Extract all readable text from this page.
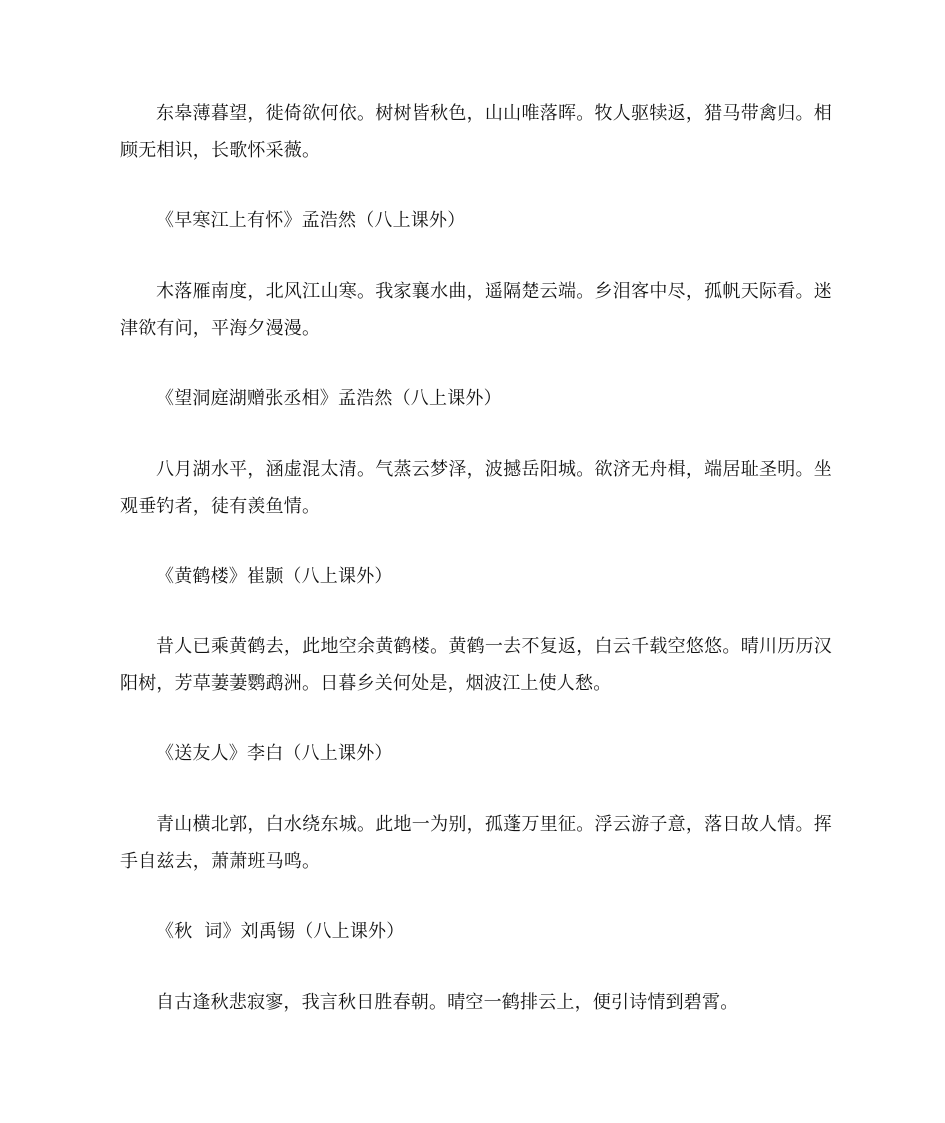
东皋薄暮望，徙倚欲何依。树树皆秋色，山山唯落晖。牧人驱犊返，猎马带禽归。相顾无相识，长歌怀采薇。

《早寒江上有怀》孟浩然（八上课外）

木落雁南度，北风江山寒。我家襄水曲，遥隔楚云端。乡泪客中尽，孤帆天际看。迷津欲有问，平海夕漫漫。

《望洞庭湖赠张丞相》孟浩然（八上课外）

八月湖水平，涵虚混太清。气蒸云梦泽，波撼岳阳城。欲济无舟楫，端居耻圣明。坐观垂钓者，徒有羡鱼情。

《黄鹤楼》崔颢（八上课外）

昔人已乘黄鹤去，此地空余黄鹤楼。黄鹤一去不复返，白云千载空悠悠。晴川历历汉阳树，芳草萋萋鹦鹉洲。日暮乡关何处是，烟波江上使人愁。

《送友人》李白（八上课外）

青山横北郭，白水绕东城。此地一为别，孤蓬万里征。浮云游子意，落日故人情。挥手自兹去，萧萧班马鸣。

《秋  词》刘禹锡（八上课外）

自古逢秋悲寂寥，我言秋日胜春朝。晴空一鹤排云上，便引诗情到碧霄。
